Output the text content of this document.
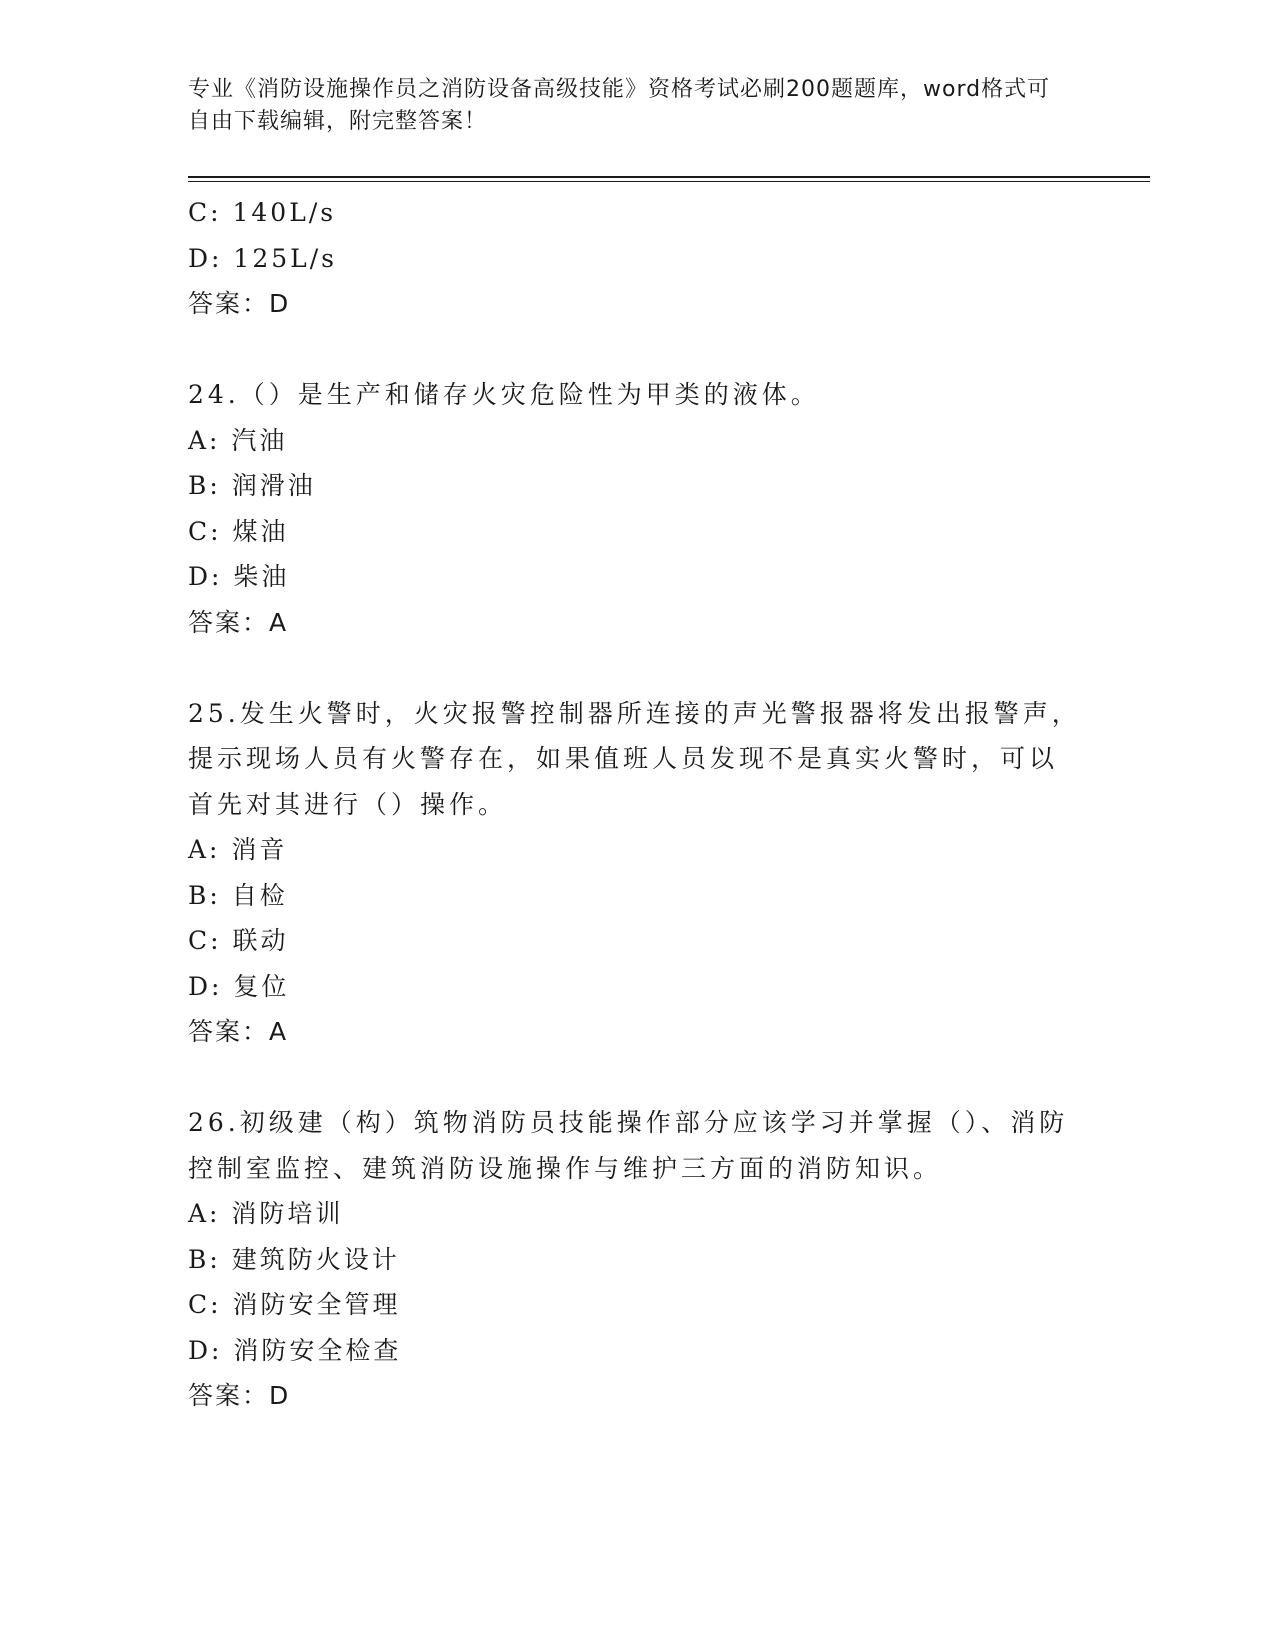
专业《消防设施操作员之消防设备高级技能》资格考试必刷200题题库，word格式可自由下载编辑，附完整答案！
C: 140L/s
D: 125L/s
答案：D
24.（）是生产和储存火灾危险性为甲类的液体。
A: 汽油
B: 润滑油
C: 煤油
D: 柴油
答案：A
25.发生火警时，火灾报警控制器所连接的声光警报器将发出报警声，
提示现场人员有火警存在，如果值班人员发现不是真实火警时，可以
首先对其进行（）操作。
A: 消音
B: 自检
C: 联动
D: 复位
答案：A
26.初级建（构）筑物消防员技能操作部分应该学习并掌握（）、消防
控制室监控、建筑消防设施操作与维护三方面的消防知识。
A: 消防培训
B: 建筑防火设计
C: 消防安全管理
D: 消防安全检查
答案：D
